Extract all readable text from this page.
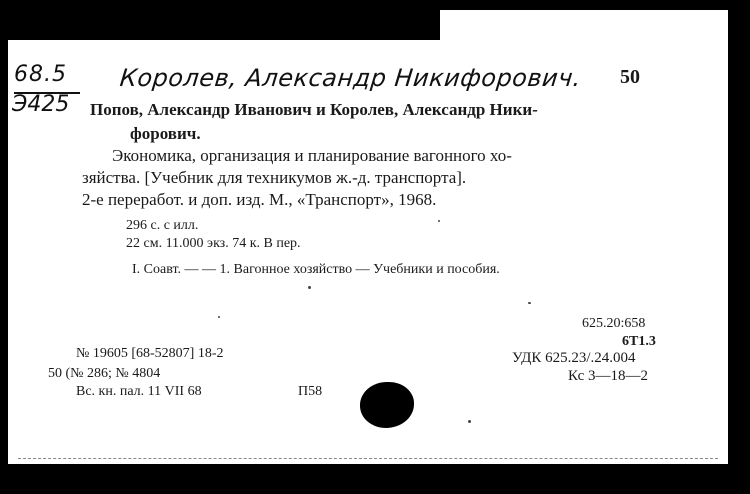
68.5
Э425
Королев, Александр Никифорович. 50
Попов, Александр Иванович и Королев, Александр Ники-
форович.
Экономика, организация и планирование вагонного хо-
зяйства. [Учебник для техникумов ж.-д. транспорта].
2-е переработ. и доп. изд. М., «Транспорт», 1968.
296 с. с илл.
22 см. 11.000 экз. 74 к. В пер.
I. Соавт. — — 1. Вагонное хозяйство — Учебники и пособия.
625.20:658
6Т1.3
УДК 625.23/.24.004
Кс 3—18—2
№ 19605 [68-52807] 18-2
50 (№ 286; № 4804
Вс. кн. пал. 11 VII 68	П58
